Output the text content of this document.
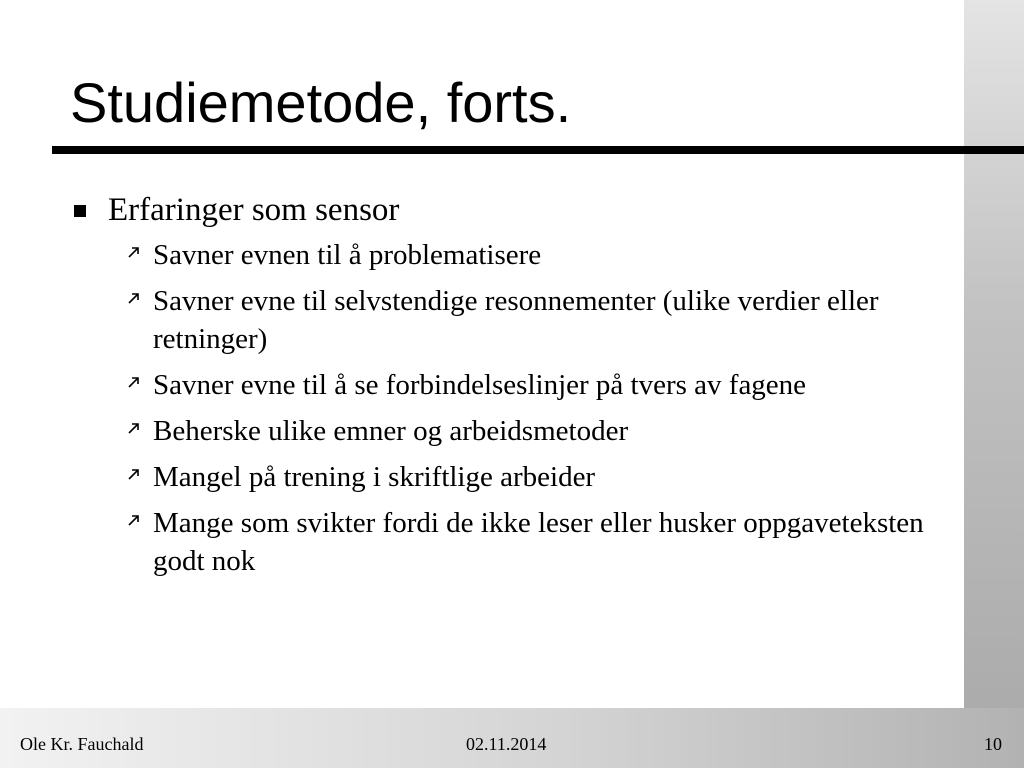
Studiemetode, forts.
Erfaringer som sensor
Savner evnen til å problematisere
Savner evne til selvstendige resonnementer (ulike verdier eller retninger)
Savner evne til å se forbindelseslinjer på tvers av fagene
Beherske ulike emner og arbeidsmetoder
Mangel på trening i skriftlige arbeider
Mange som svikter fordi de ikke leser eller husker oppgaveteksten godt nok
Ole Kr. Fauchald	02.11.2014	10
